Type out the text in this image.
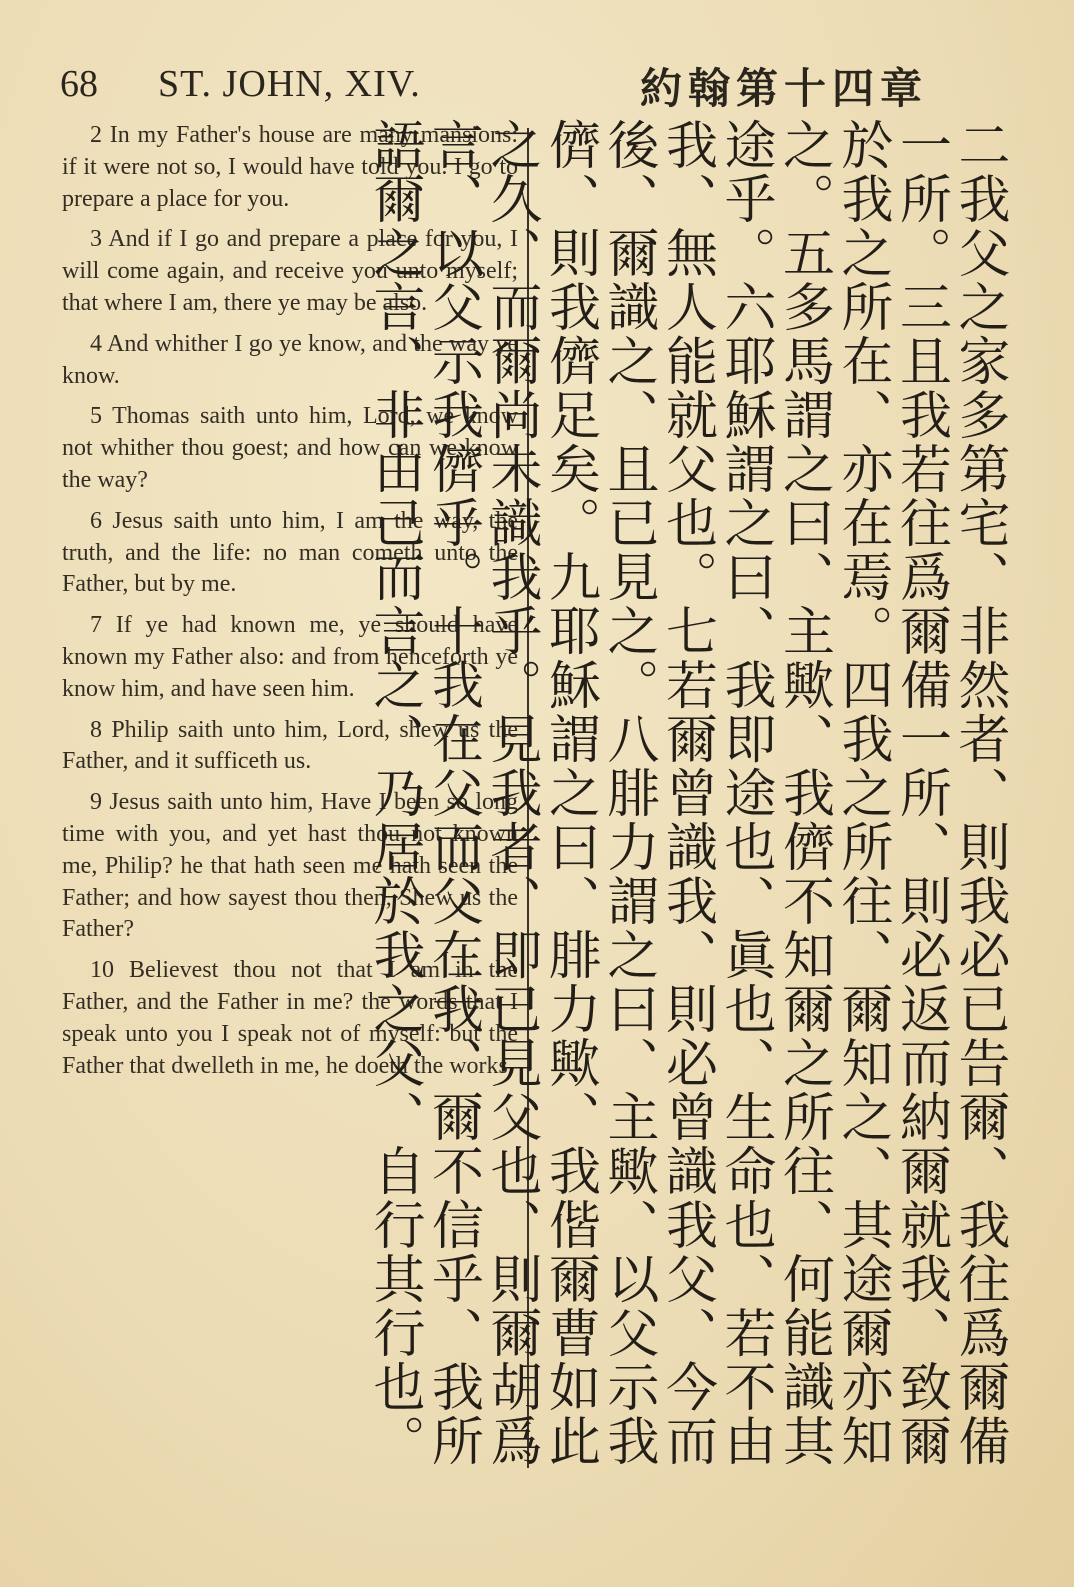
68 ST. JOHN, XIV.	約翰第十四章

2 In my Father's house are many mansions: if it were not so, I would have told you. I go to prepare a place for you.

3 And if I go and prepare a place for you, I will come again, and receive you unto myself; that where I am, there ye may be also.

4 And whither I go ye know, and the way ye know.

5 Thomas saith unto him, Lord, we know not whither thou goest; and how can we know the way?

6 Jesus saith unto him, I am the way, the truth, and the life: no man cometh unto the Father, but by me.

7 If ye had known me, ye should have known my Father also: and from henceforth ye know him, and have seen him.

8 Philip saith unto him, Lord, shew us the Father, and it sufficeth us.

9 Jesus saith unto him, Have I been so long time with you, and yet hast thou not known me, Philip? he that hath seen me hath seen the Father; and how sayest thou then, Shew us the Father?

10 Believest thou not that I am in the Father, and the Father in me? the words that I speak unto you I speak not of myself: but the Father that dwelleth in me, he doeth the works.	二我父之家多第宅、非然者、則我必已告爾、我往爲爾備一所。三且我若往爲爾備一所、則必返而納爾就我、致爾於我之所在、亦在焉。四我之所往、爾知之、其途爾亦知之。五多馬謂之曰、主歟、我儕不知爾之所往、何能識其途乎。六耶穌謂之曰、我即途也、眞也、生命也、若不由我、無人能就父也。七若爾曾識我、則必曾識我父、今而後、爾識之、且已見之。八腓力謂之曰、主歟、以父示我儕、則我儕足矣。九耶穌謂之曰、腓力歟、我偕爾曹如此之久、而爾尚未識我乎。見我者、即已見父也、則爾胡爲言、以父示我儕乎。十我在父而父在我、爾不信乎、我所語爾之言、非由己而言之、乃居於我之父、自行其行也。
